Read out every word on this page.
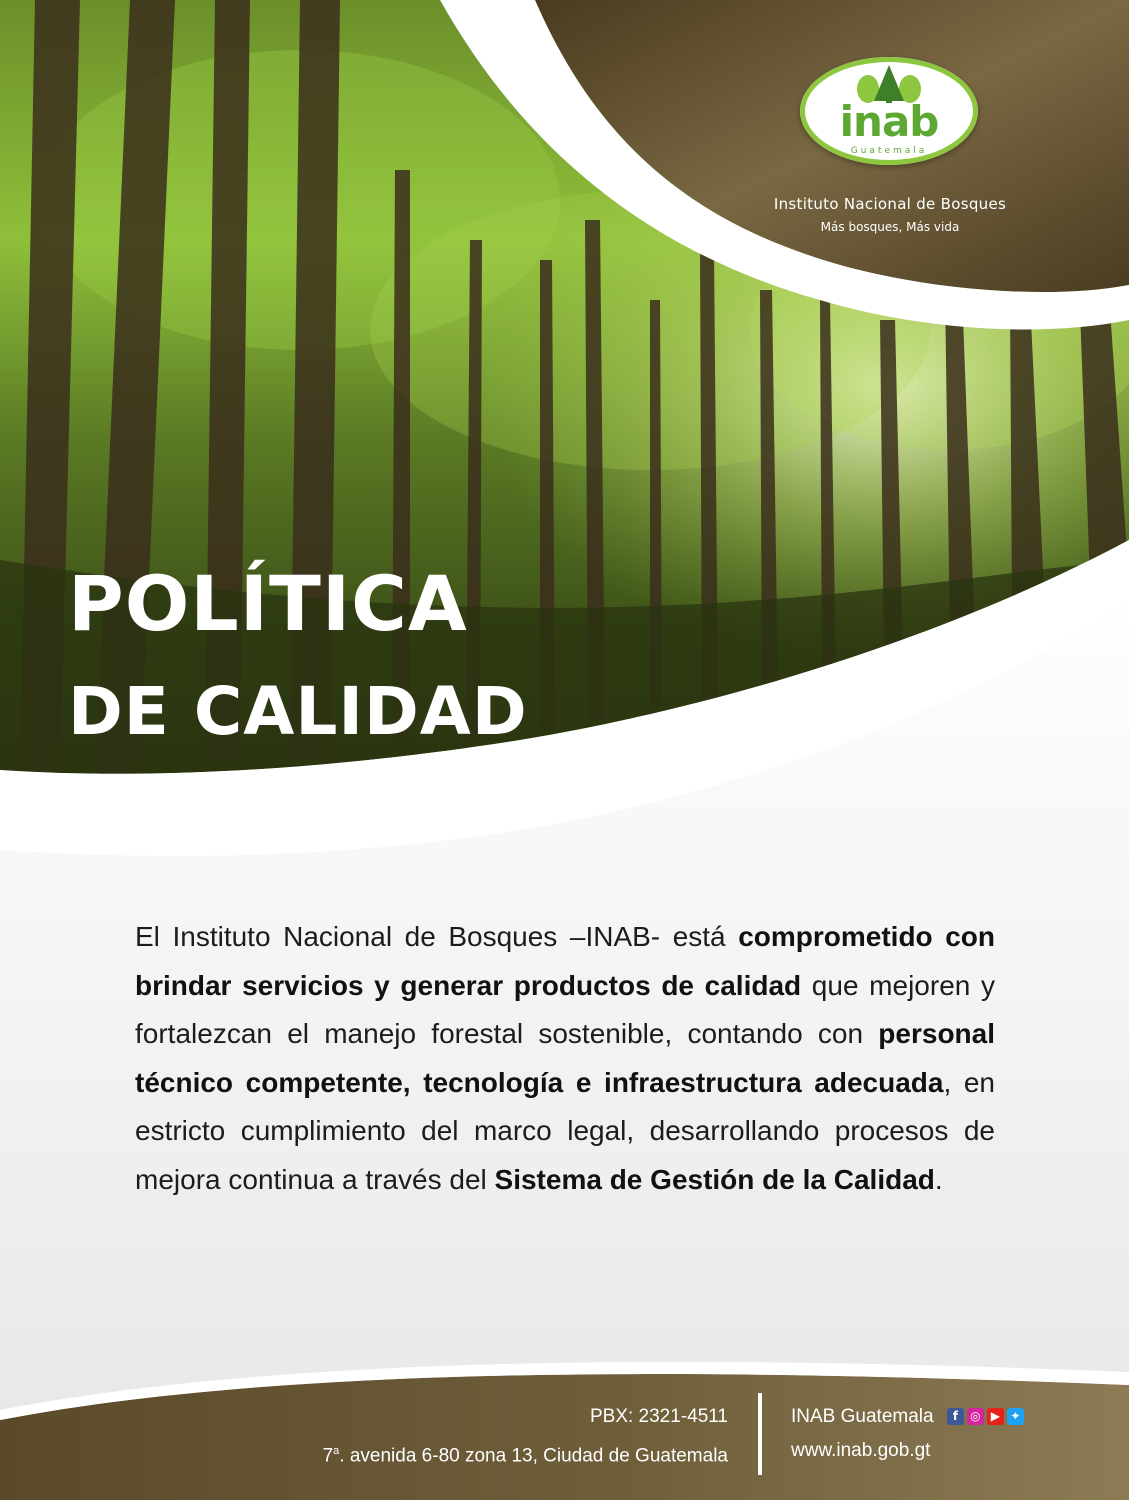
inab
Guatemala
Instituto Nacional de Bosques
Más bosques, Más vida
POLÍTICA
DE CALIDAD
El Instituto Nacional de Bosques –INAB- está comprometido con brindar servicios y generar productos de calidad que mejoren y fortalezcan el manejo forestal sostenible, contando con personal técnico competente, tecnología e infraestructura adecuada, en estricto cumplimiento del marco legal, desarrollando procesos de mejora continua a través del Sistema de Gestión de la Calidad.
PBX: 2321-4511
7$^a$. avenida 6-80 zona 13, Ciudad de Guatemala
INAB Guatemala f ◎ ▶ ✦
www.inab.gob.gt
